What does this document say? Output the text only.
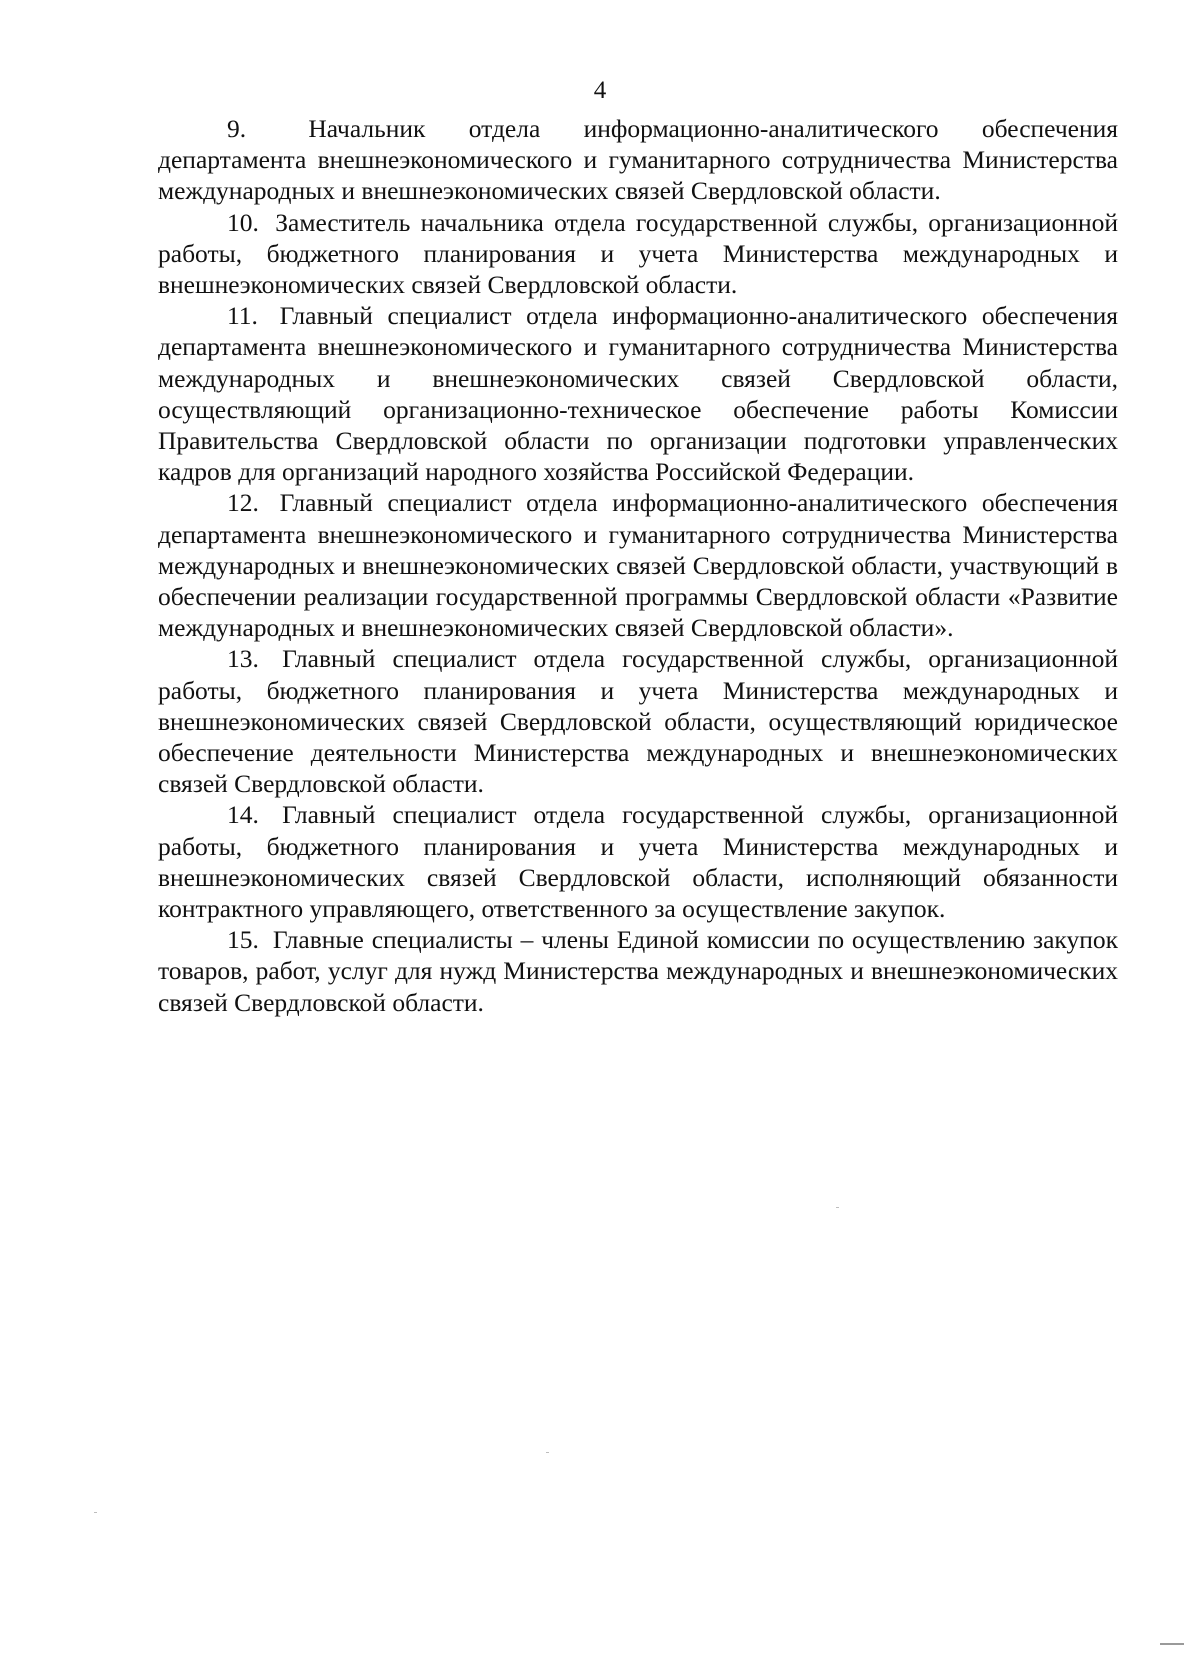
4

9. Начальник отдела информационно-аналитического обеспечения департамента внешнеэкономического и гуманитарного сотрудничества Министерства международных и внешнеэкономических связей Свердловской области.

10. Заместитель начальника отдела государственной службы, организационной работы, бюджетного планирования и учета Министерства международных и внешнеэкономических связей Свердловской области.

11. Главный специалист отдела информационно-аналитического обеспечения департамента внешнеэкономического и гуманитарного сотрудничества Министерства международных и внешнеэкономических связей Свердловской области, осуществляющий организационно-техническое обеспечение работы Комиссии Правительства Свердловской области по организации подготовки управленческих кадров для организаций народного хозяйства Российской Федерации.

12. Главный специалист отдела информационно-аналитического обеспечения департамента внешнеэкономического и гуманитарного сотрудничества Министерства международных и внешнеэкономических связей Свердловской области, участвующий в обеспечении реализации государственной программы Свердловской области «Развитие международных и внешнеэкономических связей Свердловской области».

13. Главный специалист отдела государственной службы, организационной работы, бюджетного планирования и учета Министерства международных и внешнеэкономических связей Свердловской области, осуществляющий юридическое обеспечение деятельности Министерства международных и внешнеэкономических связей Свердловской области.

14. Главный специалист отдела государственной службы, организационной работы, бюджетного планирования и учета Министерства международных и внешнеэкономических связей Свердловской области, исполняющий обязанности контрактного управляющего, ответственного за осуществление закупок.

15. Главные специалисты – члены Единой комиссии по осуществлению закупок товаров, работ, услуг для нужд Министерства международных и внешнеэкономических связей Свердловской области.
